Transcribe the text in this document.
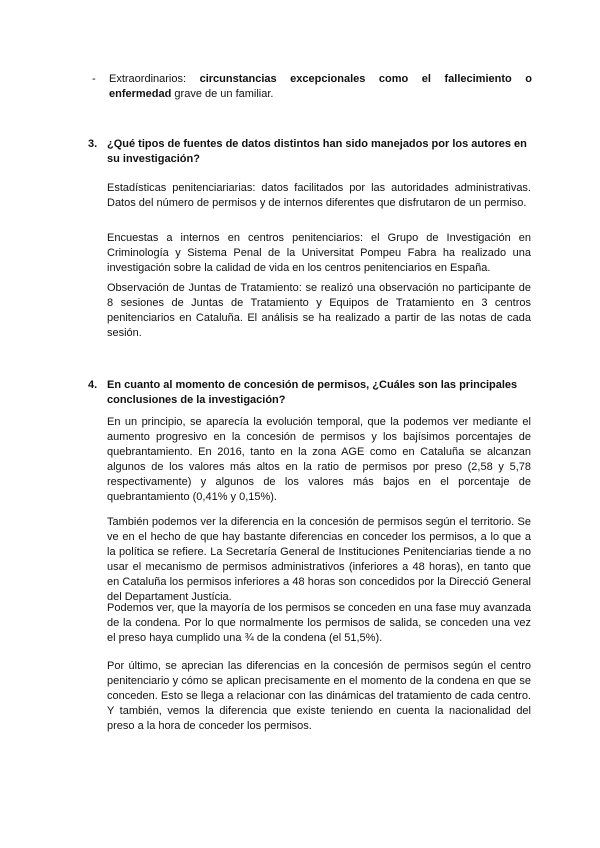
- Extraordinarios: circunstancias excepcionales como el fallecimiento o enfermedad grave de un familiar.
3. ¿Qué tipos de fuentes de datos distintos han sido manejados por los autores en su investigación?

Estadísticas penitenciariarias: datos facilitados por las autoridades administrativas. Datos del número de permisos y de internos diferentes que disfrutaron de un permiso.

Encuestas a internos en centros penitenciarios: el Grupo de Investigación en Criminología y Sistema Penal de la Universitat Pompeu Fabra ha realizado una investigación sobre la calidad de vida en los centros penitenciarios en España.

Observación de Juntas de Tratamiento: se realizó una observación no participante de 8 sesiones de Juntas de Tratamiento y Equipos de Tratamiento en 3 centros penitenciarios en Cataluña. El análisis se ha realizado a partir de las notas de cada sesión.

4. En cuanto al momento de concesión de permisos, ¿Cuáles son las principales conclusiones de la investigación?

En un principio, se aparecía la evolución temporal, que la podemos ver mediante el aumento progresivo en la concesión de permisos y los bajísimos porcentajes de quebrantamiento. En 2016, tanto en la zona AGE como en Cataluña se alcanzan algunos de los valores más altos en la ratio de permisos por preso (2,58 y 5,78 respectivamente) y algunos de los valores más bajos en el porcentaje de quebrantamiento (0,41% y 0,15%).

También podemos ver la diferencia en la concesión de permisos según el territorio. Se ve en el hecho de que hay bastante diferencias en conceder los permisos, a lo que a la política se refiere. La Secretaría General de Instituciones Penitenciarias tiende a no usar el mecanismo de permisos administrativos (inferiores a 48 horas), en tanto que en Cataluña los permisos inferiores a 48 horas son concedidos por la Direcció General del Departament Justícia.

Podemos ver, que la mayoría de los permisos se conceden en una fase muy avanzada de la condena. Por lo que normalmente los permisos de salida, se conceden una vez el preso haya cumplido una ¾ de la condena (el 51,5%).

Por último, se aprecian las diferencias en la concesión de permisos según el centro penitenciario y cómo se aplican precisamente en el momento de la condena en que se conceden. Esto se llega a relacionar con las dinámicas del tratamiento de cada centro. Y también, vemos la diferencia que existe teniendo en cuenta la nacionalidad del preso a la hora de conceder los permisos.
